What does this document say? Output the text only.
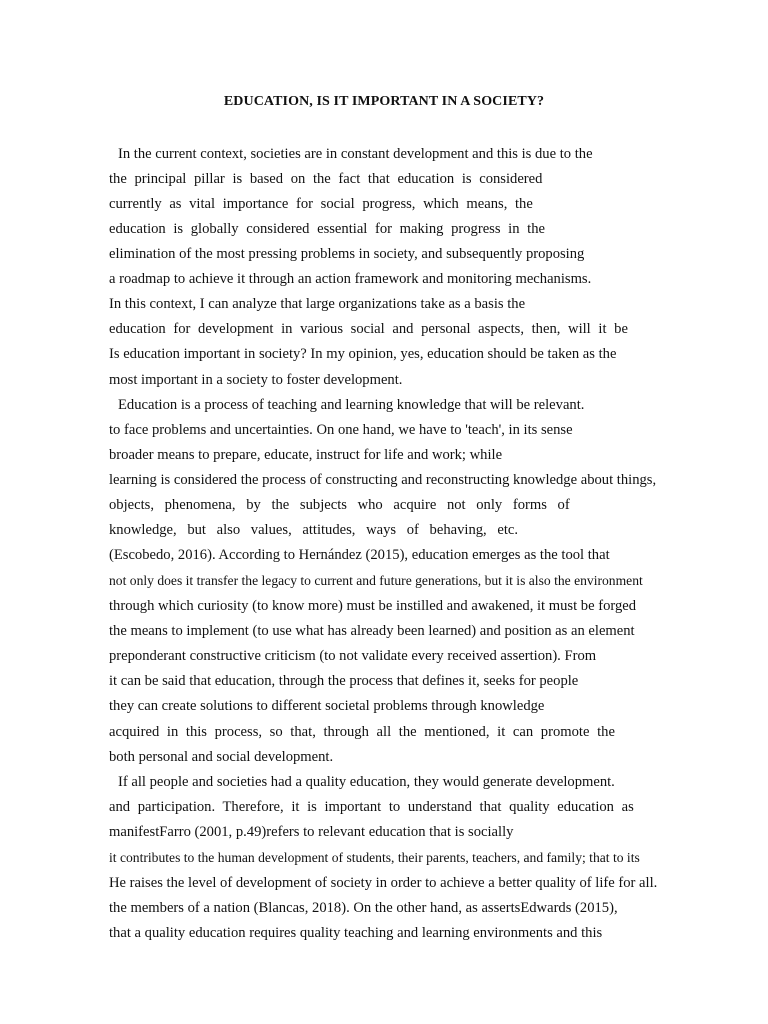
EDUCATION, IS IT IMPORTANT IN A SOCIETY?
In the current context, societies are in constant development and this is due to the
the principal pillar is based on the fact that education is considered
currently as vital importance for social progress, which means, the
education is globally considered essential for making progress in the
elimination of the most pressing problems in society, and subsequently proposing
a roadmap to achieve it through an action framework and monitoring mechanisms.
In this context, I can analyze that large organizations take as a basis the
education for development in various social and personal aspects, then, will it be
Is education important in society? In my opinion, yes, education should be taken as the
most important in a society to foster development.
Education is a process of teaching and learning knowledge that will be relevant.
to face problems and uncertainties. On one hand, we have to 'teach', in its sense
broader means to prepare, educate, instruct for life and work; while
learning is considered the process of constructing and reconstructing knowledge about things,
objects, phenomena, by the subjects who acquire not only forms of
knowledge, but also values, attitudes, ways of behaving, etc.
(Escobedo, 2016). According to Hernández (2015), education emerges as the tool that
not only does it transfer the legacy to current and future generations, but it is also the environment
through which curiosity (to know more) must be instilled and awakened, it must be forged
the means to implement (to use what has already been learned) and position as an element
preponderant constructive criticism (to not validate every received assertion). From
it can be said that education, through the process that defines it, seeks for people
they can create solutions to different societal problems through knowledge
acquired in this process, so that, through all the mentioned, it can promote the
both personal and social development.
If all people and societies had a quality education, they would generate development.
and participation. Therefore, it is important to understand that quality education as
manifestFarro (2001, p.49)refers to relevant education that is socially
it contributes to the human development of students, their parents, teachers, and family; that to its
He raises the level of development of society in order to achieve a better quality of life for all.
the members of a nation (Blancas, 2018). On the other hand, as assertsEdwards (2015),
that a quality education requires quality teaching and learning environments and this
